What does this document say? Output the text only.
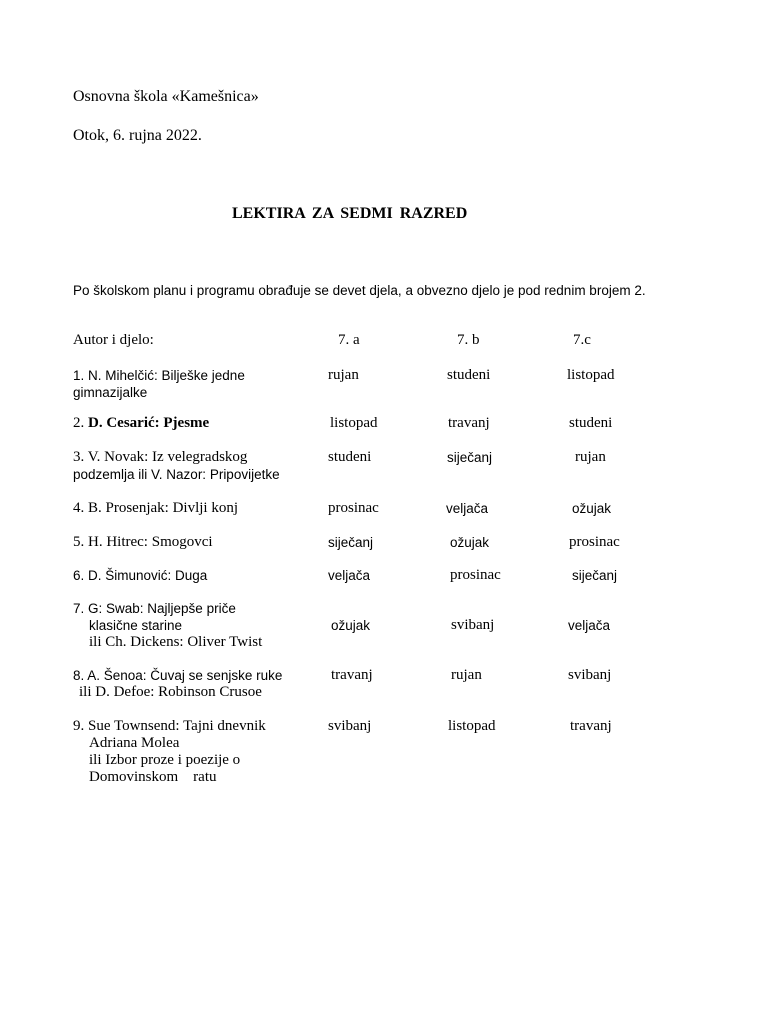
Osnovna škola «Kamešnica»
Otok, 6. rujna 2022.
LEKTIRA ZA SEDMI RAZRED
Po školskom planu i programu obrađuje se devet djela, a obvezno djelo je pod rednim brojem 2.
Autor i djelo:	7. a	7. b	7.c
1. N. Mihelčić: Bilješke jedne
gimnazijalke
rujan	studeni	listopad
2. D. Cesarić: Pjesme	listopad	travanj	studeni
3. V. Novak: Iz velegradskog
podzemlja ili V. Nazor: Pripovijetke
studeni	siječanj	rujan
4. B. Prosenjak: Divlji konj	prosinac	veljača	ožujak
5. H. Hitrec: Smogovci	siječanj	ožujak	prosinac
6. D. Šimunović: Duga	veljača	prosinac	siječanj
7. G: Swab: Najljepše priče
klasične starine
ili Ch. Dickens: Oliver Twist
ožujak	svibanj	veljača
8. A. Šenoa: Čuvaj se senjske ruke
ili D. Defoe: Robinson Crusoe
travanj	rujan	svibanj
9. Sue Townsend: Tajni dnevnik
Adriana Molea
ili Izbor proze i poezije o
Domovinskom    ratu
svibanj	listopad	travanj
